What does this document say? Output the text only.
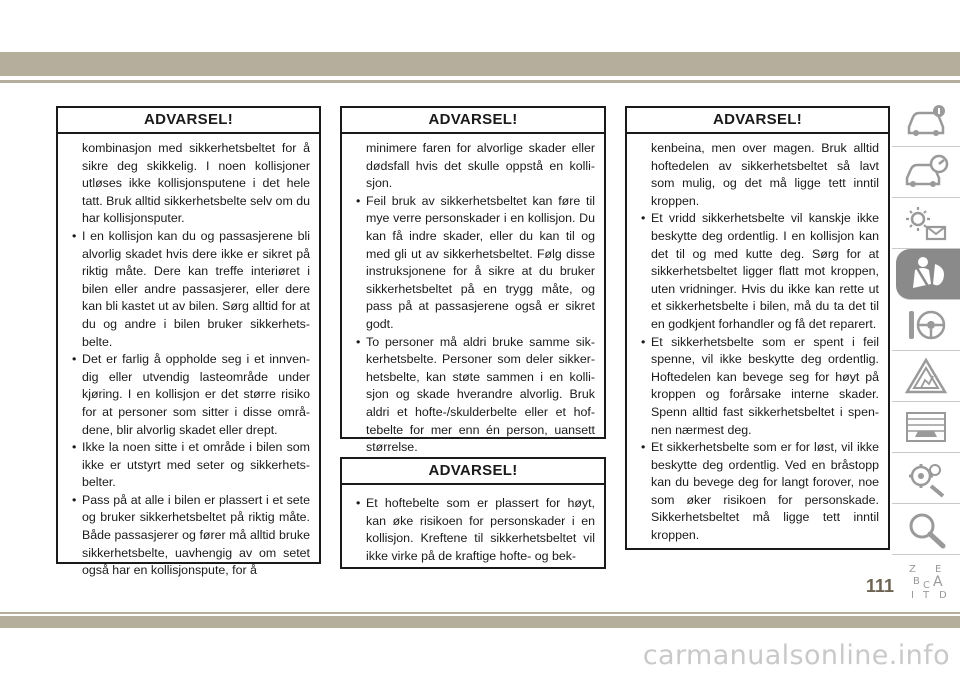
ADVARSEL!

kombinasjon med sikkerhetsbeltet for å sikre deg skikkelig. I noen kollisjoner utløses ikke kollisjonsputene i det hele tatt. Bruk alltid sikkerhetsbelte selv om du har kollisjonsputer.

• I en kollisjon kan du og passasjerene bli alvorlig skadet hvis dere ikke er sikret på riktig måte. Dere kan treffe interiøret i bilen eller andre passasjerer, eller dere kan bli kastet ut av bilen. Sørg alltid for at du og andre i bilen bruker sikkerhetsbelte.
• Det er farlig å oppholde seg i et innvendig eller utvendig lasteområde under kjøring. I en kollisjon er det større risiko for at personer som sitter i disse områdene, blir alvorlig skadet eller drept.
• Ikke la noen sitte i et område i bilen som ikke er utstyrt med seter og sikkerhetsbelter.
• Pass på at alle i bilen er plassert i et sete og bruker sikkerhetsbeltet på riktig måte. Både passasjerer og fører må alltid bruke sikkerhetsbelte, uavhengig av om setet også har en kollisjonspute, for å
ADVARSEL!

minimere faren for alvorlige skader eller dødsfall hvis det skulle oppstå en kollisjon.

• Feil bruk av sikkerhetsbeltet kan føre til mye verre personskader i en kollisjon. Du kan få indre skader, eller du kan til og med gli ut av sikkerhetsbeltet. Følg disse instruksjonene for å sikre at du bruker sikkerhetsbeltet på en trygg måte, og pass på at passasjerene også er sikret godt.
• To personer må aldri bruke samme sikkerhetsbelte. Personer som deler sikkerhetsbelte, kan støte sammen i en kollisjon og skade hverandre alvorlig. Bruk aldri et hofte-/skulderbelte eller et hoftebelte for mer enn én person, uansett størrelse.
ADVARSEL!
• Et hoftebelte som er plassert for høyt, kan øke risikoen for personskader i en kollisjon. Kreftene til sikkerhetsbeltet vil ikke virke på de kraftige hofte- og bek-
ADVARSEL!

kenbeina, men over magen. Bruk alltid hoftedelen av sikkerhetsbeltet så lavt som mulig, og det må ligge tett inntil kroppen.

• Et vridd sikkerhetsbelte vil kanskje ikke beskytte deg ordentlig. I en kollisjon kan det til og med kutte deg. Sørg for at sikkerhetsbeltet ligger flatt mot kroppen, uten vridninger. Hvis du ikke kan rette ut et sikkerhetsbelte i bilen, må du ta det til en godkjent forhandler og få det reparert.
• Et sikkerhetsbelte som er spent i feil spenne, vil ikke beskytte deg ordentlig. Hoftedelen kan bevege seg for høyt på kroppen og forårsake interne skader. Spenn alltid fast sikkerhetsbeltet i spennen nærmest deg.
• Et sikkerhetsbelte som er for løst, vil ikke beskytte deg ordentlig. Ved en bråstopp kan du bevege deg for langt forover, noe som øker risikoen for personskade. Sikkerhetsbeltet må ligge tett inntil kroppen.
Z E
B A
C
D
I T
111
carmanualsonline.info
